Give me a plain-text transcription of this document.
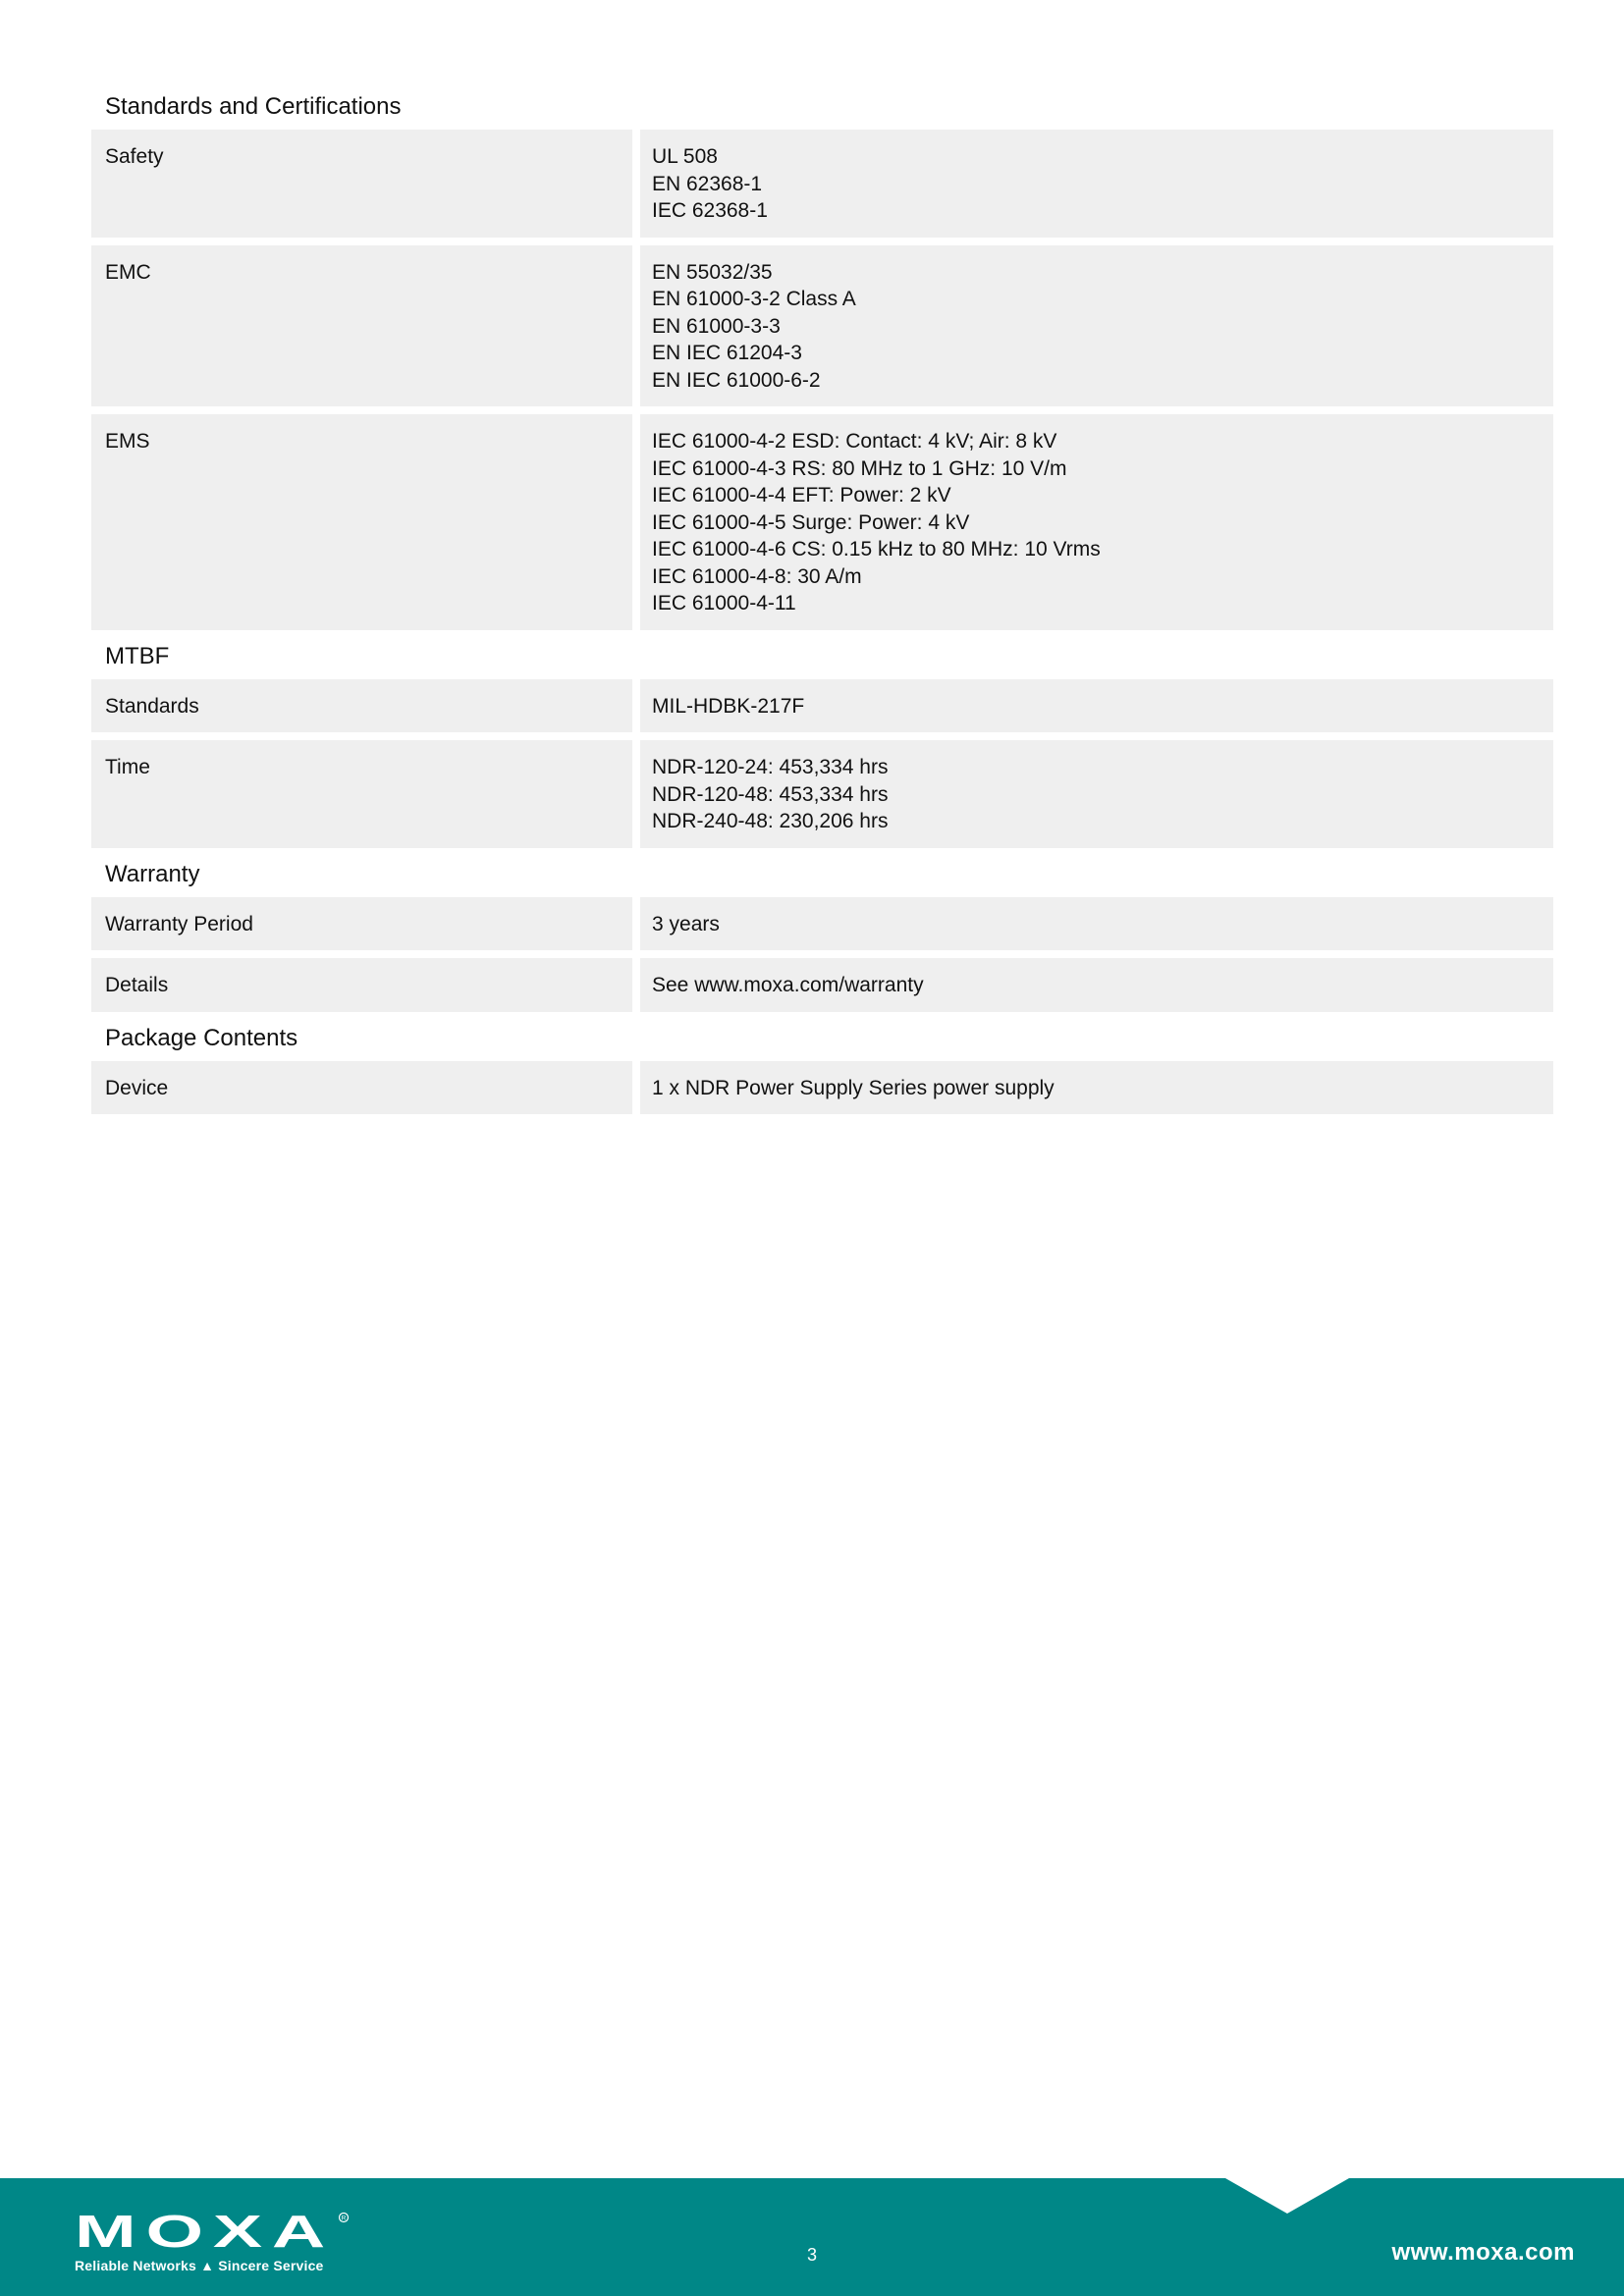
Standards and Certifications
Safety	UL 508
EN 62368-1
IEC 62368-1
EMC	EN 55032/35
EN 61000-3-2 Class A
EN 61000-3-3
EN IEC 61204-3
EN IEC 61000-6-2
EMS	IEC 61000-4-2 ESD: Contact: 4 kV; Air: 8 kV
IEC 61000-4-3 RS: 80 MHz to 1 GHz: 10 V/m
IEC 61000-4-4 EFT: Power: 2 kV
IEC 61000-4-5 Surge: Power: 4 kV
IEC 61000-4-6 CS: 0.15 kHz to 80 MHz: 10 Vrms
IEC 61000-4-8: 30 A/m
IEC 61000-4-11
MTBF
Standards	MIL-HDBK-217F
Time	NDR-120-24: 453,334 hrs
NDR-120-48: 453,334 hrs
NDR-240-48: 230,206 hrs
Warranty
Warranty Period	3 years
Details	See www.moxa.com/warranty
Package Contents
Device	1 x NDR Power Supply Series power supply
MOXA R
Reliable Networks ▲ Sincere Service
3	www.moxa.com
